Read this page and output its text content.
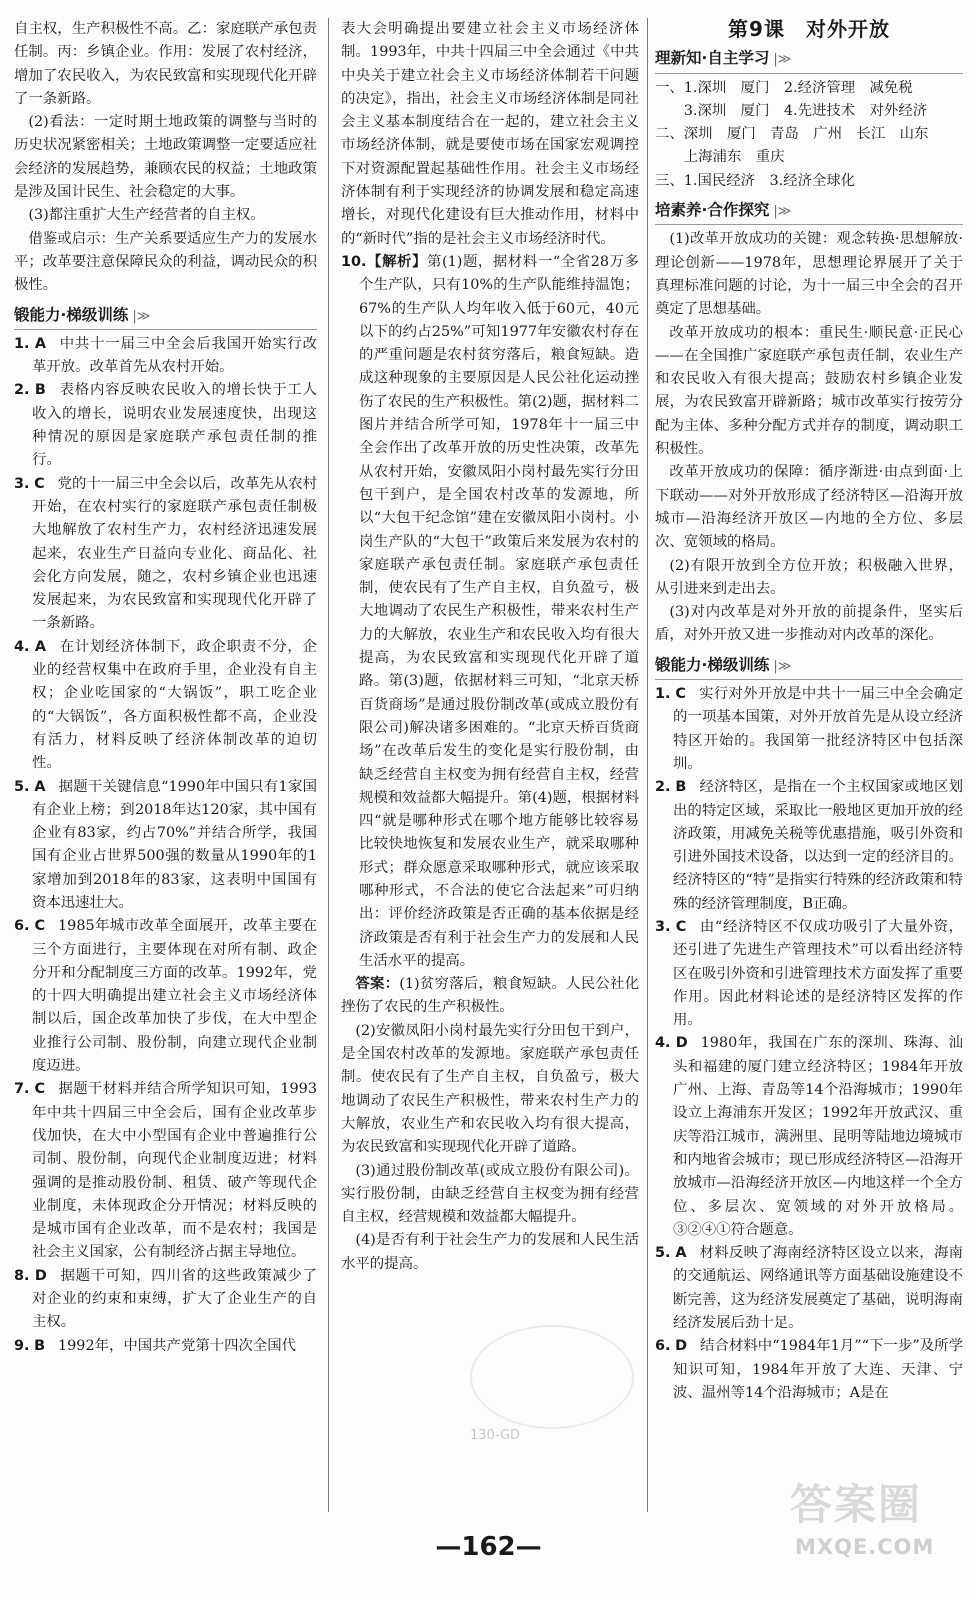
自主权，生产积极性不高。乙：家庭联产承包责任制。丙：乡镇企业。作用：发展了农村经济，增加了农民收入，为农民致富和实现现代化开辟了一条新路。

(2)看法：一定时期土地政策的调整与当时的历史状况紧密相关；土地政策调整一定要适应社会经济的发展趋势，兼顾农民的权益；土地政策是涉及国计民生、社会稳定的大事。

(3)都注重扩大生产经营者的自主权。

借鉴或启示：生产关系要适应生产力的发展水平；改革要注意保障民众的利益，调动民众的积极性。

锻能力·梯级训练 |≫

1. A 中共十一届三中全会后我国开始实行改革开放。改革首先从农村开始。

2. B 表格内容反映农民收入的增长快于工人收入的增长，说明农业发展速度快，出现这种情况的原因是家庭联产承包责任制的推行。

3. C 党的十一届三中全会以后，改革先从农村开始，在农村实行的家庭联产承包责任制极大地解放了农村生产力，农村经济迅速发展起来，农业生产日益向专业化、商品化、社会化方向发展，随之，农村乡镇企业也迅速发展起来，为农民致富和实现现代化开辟了一条新路。

4. A 在计划经济体制下，政企职责不分，企业的经营权集中在政府手里，企业没有自主权；企业吃国家的“大锅饭”，职工吃企业的“大锅饭”，各方面积极性都不高，企业没有活力，材料反映了经济体制改革的迫切性。

5. A 据题干关键信息“1990年中国只有1家国有企业上榜；到2018年达120家，其中国有企业有83家，约占70%”并结合所学，我国国有企业占世界500强的数量从1990年的1家增加到2018年的83家，这表明中国国有资本迅速壮大。

6. C 1985年城市改革全面展开，改革主要在三个方面进行，主要体现在对所有制、政企分开和分配制度三方面的改革。1992年，党的十四大明确提出建立社会主义市场经济体制以后，国企改革加快了步伐，在大中型企业推行公司制、股份制，向建立现代企业制度迈进。

7. C 据题干材料并结合所学知识可知，1993年中共十四届三中全会后，国有企业改革步伐加快，在大中小型国有企业中普遍推行公司制、股份制，向现代企业制度迈进；材料强调的是推动股份制、租赁、破产等现代企业制度，未体现政企分开情况；材料反映的是城市国有企业改革，而不是农村；我国是社会主义国家，公有制经济占据主导地位。

8. D 据题干可知，四川省的这些政策减少了对企业的约束和束缚，扩大了企业生产的自主权。

9. B 1992年，中国共产党第十四次全国代

表大会明确提出要建立社会主义市场经济体制。1993年，中共十四届三中全会通过《中共中央关于建立社会主义市场经济体制若干问题的决定》，指出，社会主义市场经济体制是同社会主义基本制度结合在一起的，建立社会主义市场经济体制，就是要使市场在国家宏观调控下对资源配置起基础性作用。社会主义市场经济体制有利于实现经济的协调发展和稳定高速增长，对现代化建设有巨大推动作用，材料中的“新时代”指的是社会主义市场经济时代。

10.【解析】第(1)题，据材料一“全省28万多个生产队，只有10%的生产队能维持温饱；67%的生产队人均年收入低于60元，40元以下的约占25%”可知1977年安徽农村存在的严重问题是农村贫穷落后，粮食短缺。造成这种现象的主要原因是人民公社化运动挫伤了农民的生产积极性。第(2)题，据材料二图片并结合所学可知，1978年十一届三中全会作出了改革开放的历史性决策，改革先从农村开始，安徽凤阳小岗村最先实行分田包干到户，是全国农村改革的发源地，所以“大包干纪念馆”建在安徽凤阳小岗村。小岗生产队的“大包干”政策后来发展为农村的家庭联产承包责任制。家庭联产承包责任制，使农民有了生产自主权，自负盈亏，极大地调动了农民生产积极性，带来农村生产力的大解放，农业生产和农民收入均有很大提高，为农民致富和实现现代化开辟了道路。第(3)题，依据材料三可知，“北京天桥百货商场”是通过股份制改革(或成立股份有限公司)解决诸多困难的。“北京天桥百货商场”在改革后发生的变化是实行股份制，由缺乏经营自主权变为拥有经营自主权，经营规模和效益都大幅提升。第(4)题，根据材料四“就是哪种形式在哪个地方能够比较容易比较快地恢复和发展农业生产，就采取哪种形式；群众愿意采取哪种形式，就应该采取哪种形式，不合法的使它合法起来”可归纳出：评价经济政策是否正确的基本依据是经济政策是否有利于社会生产力的发展和人民生活水平的提高。

答案：(1)贫穷落后，粮食短缺。人民公社化挫伤了农民的生产积极性。

(2)安徽凤阳小岗村最先实行分田包干到户，是全国农村改革的发源地。家庭联产承包责任制。使农民有了生产自主权，自负盈亏，极大地调动了农民生产积极性，带来农村生产力的大解放，农业生产和农民收入均有很大提高，为农民致富和实现现代化开辟了道路。

(3)通过股份制改革(或成立股份有限公司)。实行股份制，由缺乏经营自主权变为拥有经营自主权，经营规模和效益都大幅提升。

(4)是否有利于社会生产力的发展和人民生活水平的提高。

第9课　对外开放
理新知·自主学习 |≫

一、1.深圳　厦门　2.经济管理　减免税

　　3.深圳　厦门　4.先进技术　对外经济

二、深圳　厦门　青岛　广州　长江　山东

　　上海浦东　重庆

三、1.国民经济　3.经济全球化

培素养·合作探究 |≫

(1)改革开放成功的关键：观念转换·思想解放·理论创新——1978年，思想理论界展开了关于真理标准问题的讨论，为十一届三中全会的召开奠定了思想基础。

改革开放成功的根本：重民生·顺民意·正民心——在全国推广家庭联产承包责任制，农业生产和农民收入有很大提高；鼓励农村乡镇企业发展，为农民致富开辟新路；城市改革实行按劳分配为主体、多种分配方式并存的制度，调动职工积极性。

改革开放成功的保障：循序渐进·由点到面·上下联动——对外开放形成了经济特区—沿海开放城市—沿海经济开放区—内地的全方位、多层次、宽领域的格局。

(2)有限开放到全方位开放；积极融入世界，从引进来到走出去。

(3)对内改革是对外开放的前提条件，坚实后盾，对外开放又进一步推动对内改革的深化。

锻能力·梯级训练 |≫

1. C 实行对外开放是中共十一届三中全会确定的一项基本国策，对外开放首先是从设立经济特区开始的。我国第一批经济特区中包括深圳。

2. B 经济特区，是指在一个主权国家或地区划出的特定区域，采取比一般地区更加开放的经济政策，用减免关税等优惠措施，吸引外资和引进外国技术设备，以达到一定的经济目的。经济特区的“特”是指实行特殊的经济政策和特殊的经济管理制度，B正确。

3. C 由“经济特区不仅成功吸引了大量外资，还引进了先进生产管理技术”可以看出经济特区在吸引外资和引进管理技术方面发挥了重要作用。因此材料论述的是经济特区发挥的作用。

4. D 1980年，我国在广东的深圳、珠海、汕头和福建的厦门建立经济特区；1984年开放广州、上海、青岛等14个沿海城市；1990年设立上海浦东开发区；1992年开放武汉、重庆等沿江城市，满洲里、昆明等陆地边境城市和内地省会城市；现已形成经济特区—沿海开放城市—沿海经济开放区—内地这样一个全方位、多层次、宽领域的对外开放格局。③②④①符合题意。

5. A 材料反映了海南经济特区设立以来，海南的交通航运、网络通讯等方面基础设施建设不断完善，这为经济发展奠定了基础，说明海南经济发展后劲十足。

6. D 结合材料中“1984年1月”“下一步”及所学知识可知，1984年开放了大连、天津、宁波、温州等14个沿海城市；A是在

130-GD
—162—
答案圈
MXQE.COM
